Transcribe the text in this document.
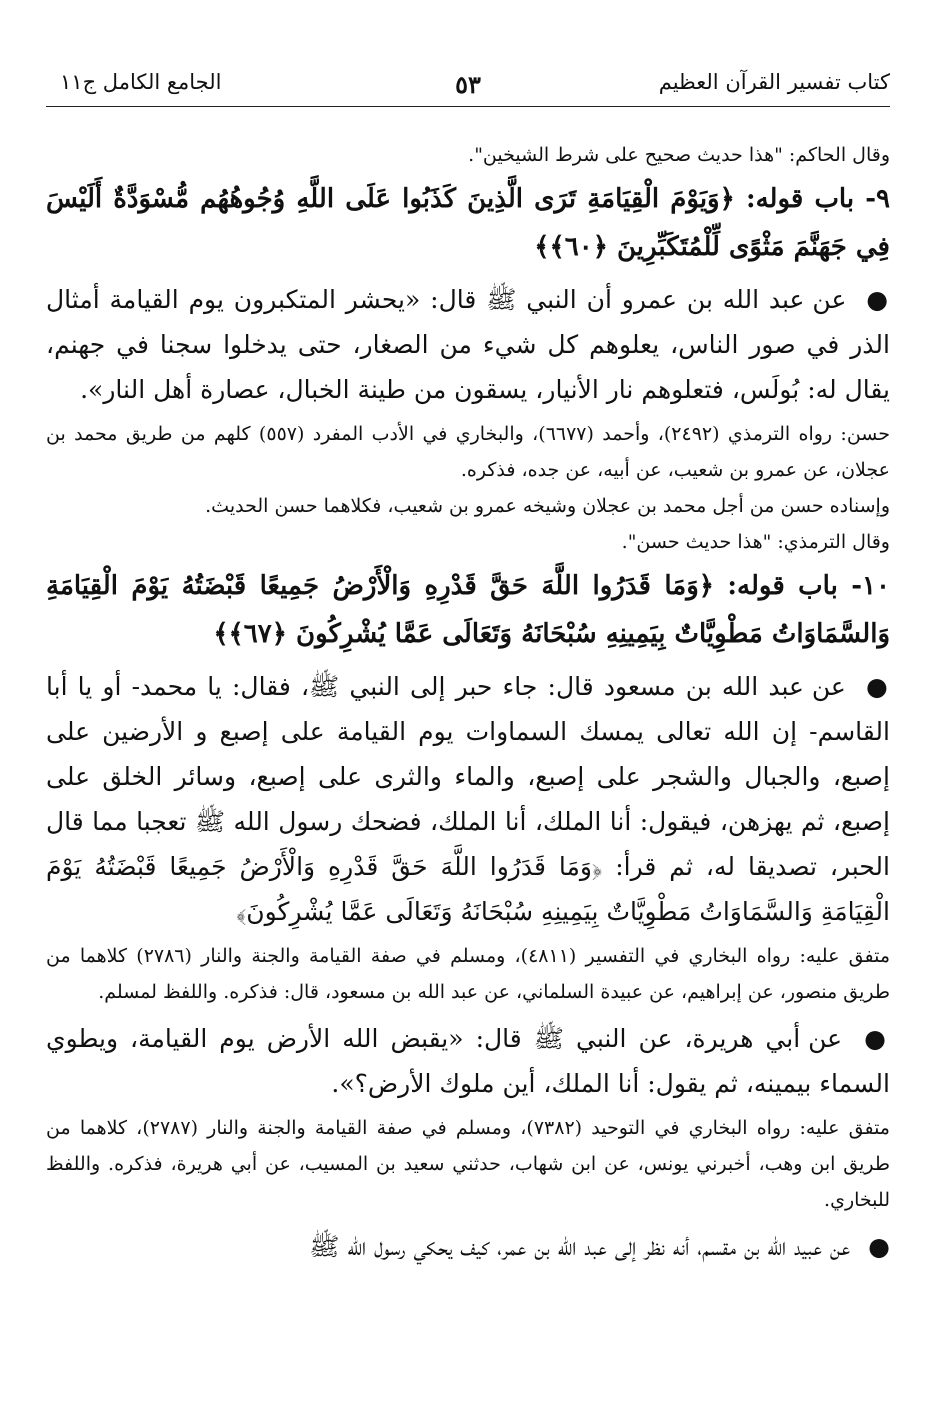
كتاب تفسير القرآن العظيم
٥٣
الجامع الكامل ج١١

وقال الحاكم: "هذا حديث صحيح على شرط الشيخين".

٩- باب قوله: ﴿وَيَوْمَ الْقِيَامَةِ تَرَى الَّذِينَ كَذَبُوا عَلَى اللَّهِ وُجُوهُهُم مُّسْوَدَّةٌ أَلَيْسَ فِي جَهَنَّمَ مَثْوًى لِّلْمُتَكَبِّرِينَ ﴿٦٠﴾﴾

● عن عبد الله بن عمرو أن النبي ﷺ قال: «يحشر المتكبرون يوم القيامة أمثال الذر في صور الناس، يعلوهم كل شيء من الصغار، حتى يدخلوا سجنا في جهنم، يقال له: بُولَس، فتعلوهم نار الأنيار، يسقون من طينة الخبال، عصارة أهل النار».

حسن: رواه الترمذي (٢٤٩٢)، وأحمد (٦٦٧٧)، والبخاري في الأدب المفرد (٥٥٧) كلهم من طريق محمد بن عجلان، عن عمرو بن شعيب، عن أبيه، عن جده، فذكره.

وإسناده حسن من أجل محمد بن عجلان وشيخه عمرو بن شعيب، فكلاهما حسن الحديث.

وقال الترمذي: "هذا حديث حسن".

١٠- باب قوله: ﴿وَمَا قَدَرُوا اللَّهَ حَقَّ قَدْرِهِ وَالْأَرْضُ جَمِيعًا قَبْضَتُهُ يَوْمَ الْقِيَامَةِ وَالسَّمَاوَاتُ مَطْوِيَّاتٌ بِيَمِينِهِ سُبْحَانَهُ وَتَعَالَى عَمَّا يُشْرِكُونَ ﴿٦٧﴾﴾

● عن عبد الله بن مسعود قال: جاء حبر إلى النبي ﷺ، فقال: يا محمد- أو يا أبا القاسم- إن الله تعالى يمسك السماوات يوم القيامة على إصبع و الأرضين على إصبع، والجبال والشجر على إصبع، والماء والثرى على إصبع، وسائر الخلق على إصبع، ثم يهزهن، فيقول: أنا الملك، أنا الملك، فضحك رسول الله ﷺ تعجبا مما قال الحبر، تصديقا له، ثم قرأ: ﴿وَمَا قَدَرُوا اللَّهَ حَقَّ قَدْرِهِ وَالْأَرْضُ جَمِيعًا قَبْضَتُهُ يَوْمَ الْقِيَامَةِ وَالسَّمَاوَاتُ مَطْوِيَّاتٌ بِيَمِينِهِ سُبْحَانَهُ وَتَعَالَى عَمَّا يُشْرِكُونَ﴾

متفق عليه: رواه البخاري في التفسير (٤٨١١)، ومسلم في صفة القيامة والجنة والنار (٢٧٨٦) كلاهما من طريق منصور، عن إبراهيم، عن عبيدة السلماني، عن عبد الله بن مسعود، قال: فذكره. واللفظ لمسلم.

● عن أبي هريرة، عن النبي ﷺ قال: «يقبض الله الأرض يوم القيامة، ويطوي السماء بيمينه، ثم يقول: أنا الملك، أين ملوك الأرض؟».

متفق عليه: رواه البخاري في التوحيد (٧٣٨٢)، ومسلم في صفة القيامة والجنة والنار (٢٧٨٧)، كلاهما من طريق ابن وهب، أخبرني يونس، عن ابن شهاب، حدثني سعيد بن المسيب، عن أبي هريرة، فذكره. واللفظ للبخاري.

● عن عبيد الله بن مقسم، أنه نظر إلى عبد الله بن عمر، كيف يحكي رسول الله ﷺ
